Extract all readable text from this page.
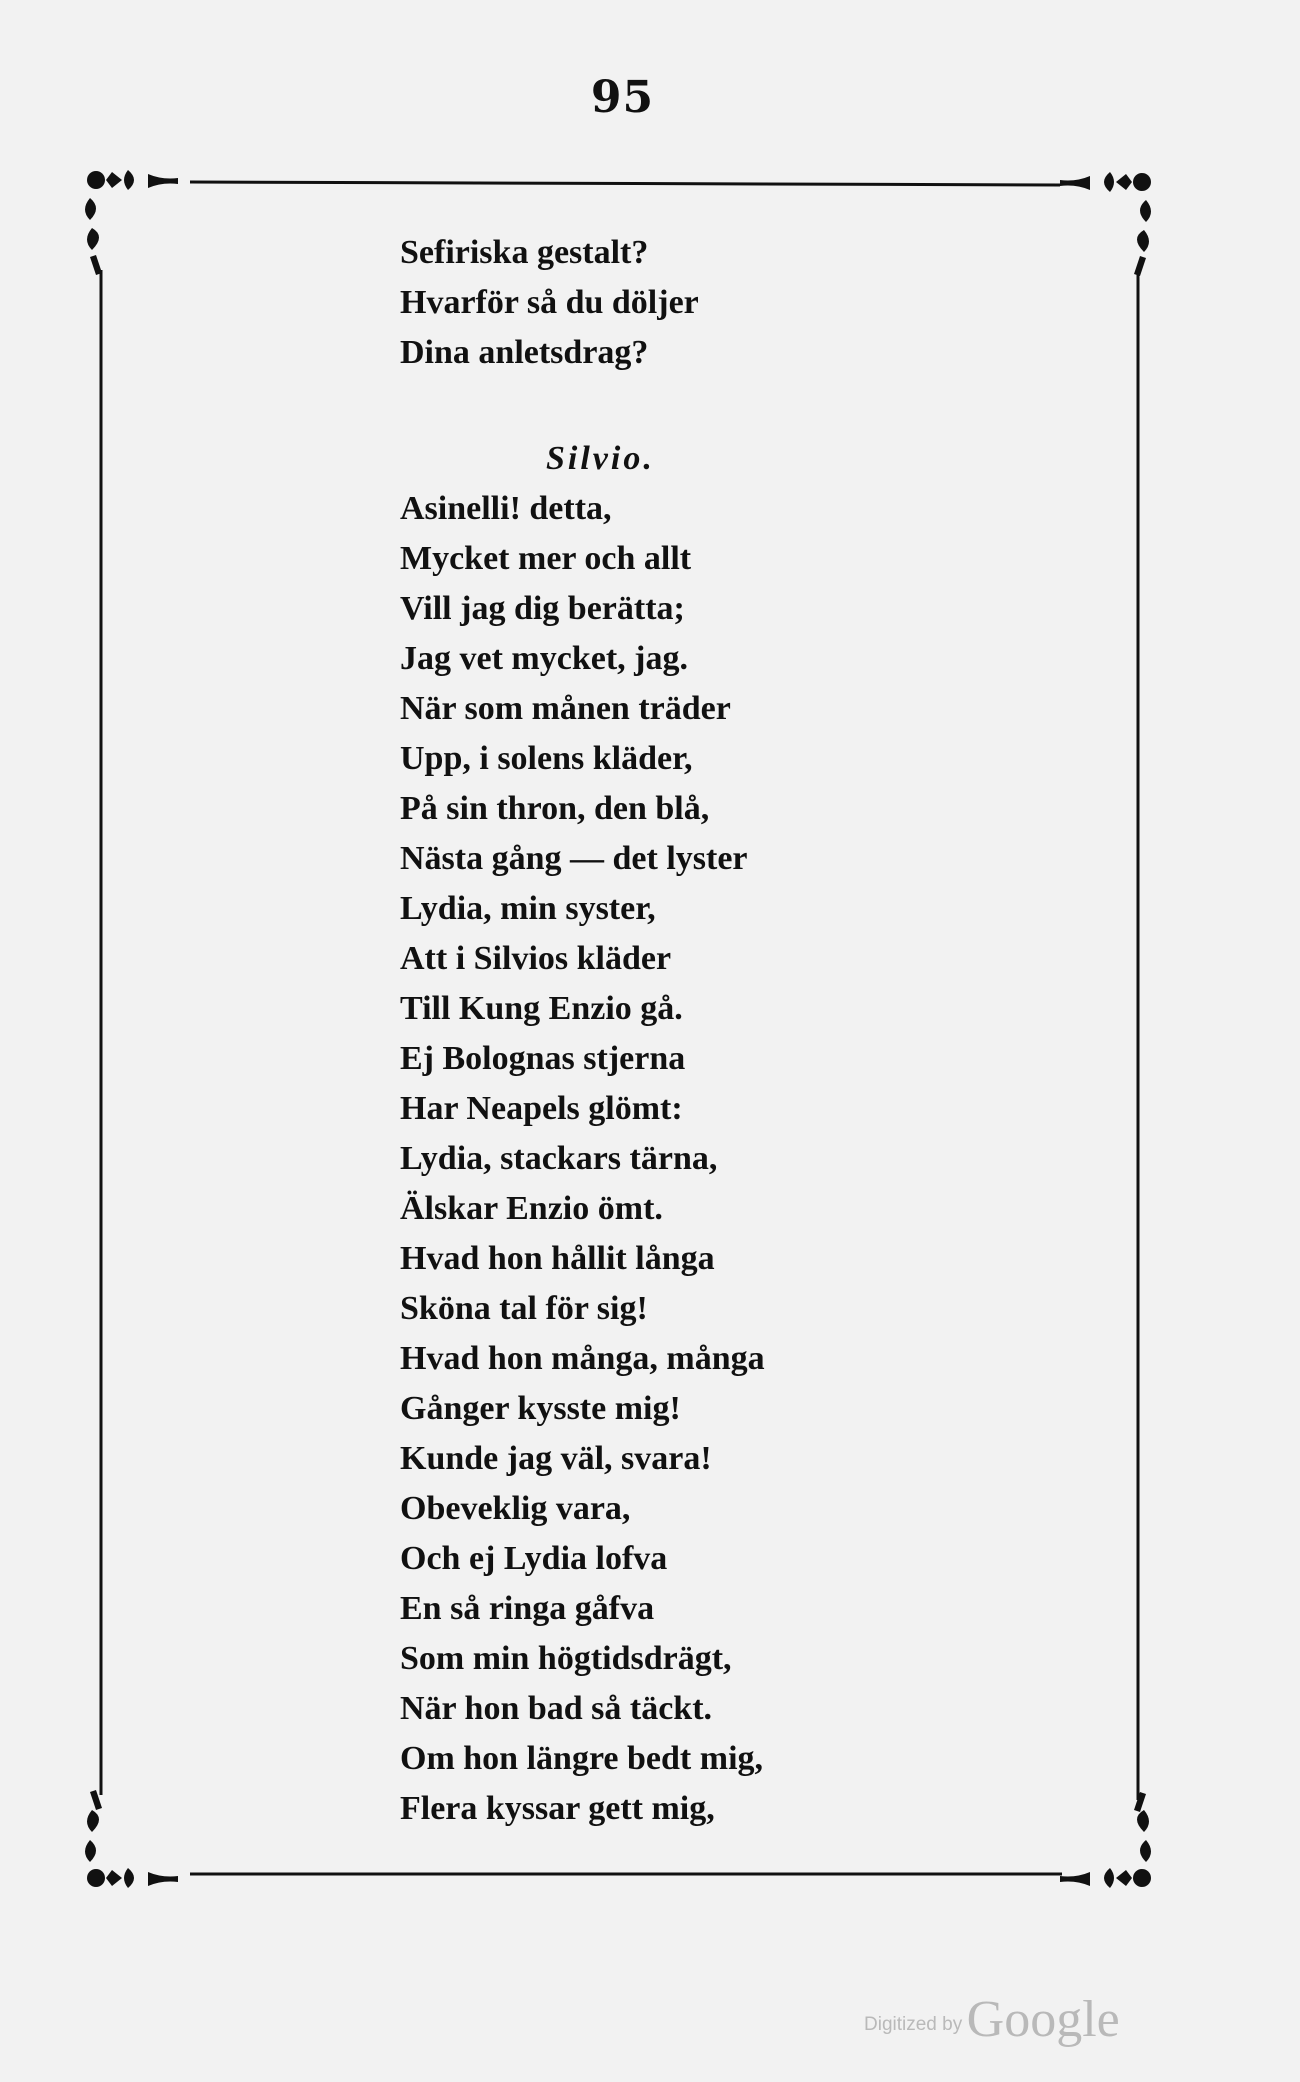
95
Sefiriska gestalt?
Hvarför så du döljer
Dina anletsdrag?
Silvio.
Asinelli! detta,
Mycket mer och allt
Vill jag dig berätta;
Jag vet mycket, jag.
När som månen träder
Upp, i solens kläder,
På sin thron, den blå,
Nästa gång — det lyster
Lydia, min syster,
Att i Silvios kläder
Till Kung Enzio gå.
Ej Bolognas stjerna
Har Neapels glömt:
Lydia, stackars tärna,
Älskar Enzio ömt.
Hvad hon hållit långa
Sköna tal för sig!
Hvad hon många, många
Gånger kysste mig!
Kunde jag väl, svara!
Obeveklig vara,
Och ej Lydia lofva
En så ringa gåfva
Som min högtidsdrägt,
När hon bad så täckt.
Om hon längre bedt mig,
Flera kyssar gett mig,
Digitized by Google
